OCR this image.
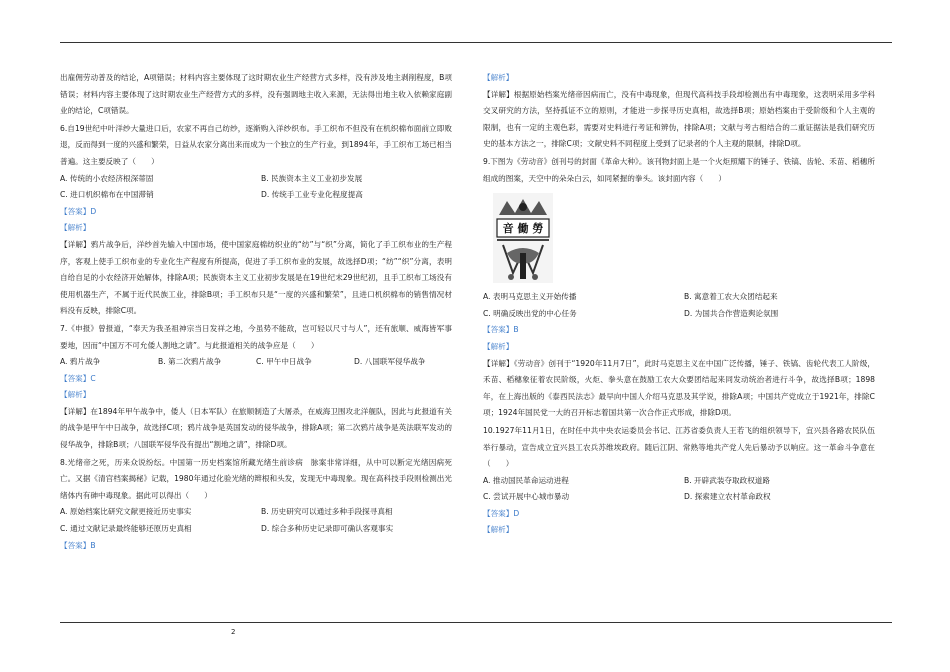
出雇佣劳动普及的结论，A项错误；材料内容主要体现了这时期农业生产经营方式多样，没有涉及地主剥削程度，B项错误；材料内容主要体现了这时期农业生产经营方式的多样，没有强调地主收入来源，无法得出地主收入依赖家庭副业的结论，C项错误。

6.自19世纪中叶洋纱大量进口后，农家不再自己纺纱，逐渐购入洋纱织布。手工织布不但没有在机织棉布面前立即败退，反而得到一度的兴盛和繁荣，日益从农家分离出来而成为一个独立的生产行业，到1894年，手工织布工场已相当普遍。这主要反映了（　　）

A. 传统的小农经济根深蒂固	B. 民族资本主义工业初步发展
C. 进口机织棉布在中国滞销	D. 传统手工业专业化程度提高

【答案】D

【解析】

【详解】鸦片战争后，洋纱首先输入中国市场，使中国家庭棉纺织业的“纺”与“织”分离，简化了手工织布业的生产程序，客观上使手工织布业的专业化生产程度有所提高，促进了手工织布业的发展，故选择D项；“纺”“织”分离，表明自给自足的小农经济开始解体，排除A项；民族资本主义工业初步发展是在19世纪末29世纪初，且手工织布工场没有使用机器生产，不属于近代民族工业，排除B项；手工织布只是“一度的兴盛和繁荣”，且进口机织棉布的销售情况材料没有反映，排除C项。

7.《申报》曾报道，“奉天为我圣祖神宗当日发祥之地，今虽势不能敌，岂可轻以尺寸与人”，还有旅顺、威海皆军事要地，因而“中国万不可允倭人割地之请”。与此报道相关的战争应是（　　）

A. 鸦片战争	B. 第二次鸦片战争	C. 甲午中日战争	D. 八国联军侵华战争

【答案】C

【解析】

【详解】在1894年甲午战争中，倭人（日本军队）在旅顺制造了大屠杀，在威海卫围攻北洋舰队，因此与此报道有关的战争是甲午中日战争，故选择C项；鸦片战争是英国发动的侵华战争，排除A项；第二次鸦片战争是英法联军发动的侵华战争，排除B项；八国联军侵华没有提出“割地之请”，排除D项。

8.光绪帝之死，历来众说纷纭。中国第一历史档案馆所藏光绪生前诊病　脉案非常详细，从中可以断定光绪因病死亡。又据《清宫档案揭秘》记载，1980年通过化验光绪的辫根和头发，发现无中毒现象。现在高科技手段则检测出光绪体内有砷中毒现象。据此可以得出（　　）

A. 原始档案比研究文献更接近历史事实	B. 历史研究可以通过多种手段探寻真相
C. 通过文献记录最终能够还原历史真相	D. 综合多种历史记录即可确认客观事实

【答案】B

【解析】

【详解】根据原始档案光绪帝因病而亡，没有中毒现象，但现代高科技手段却检测出有中毒现象，这表明采用多学科交叉研究的方法，坚持孤证不立的原则，才能进一步探寻历史真相，故选择B项；原始档案由于受阶级和个人主观的限制，也有一定的主观色彩，需要对史料进行考证和辨伪，排除A项；文献与考古相结合的二重证据法是我们研究历史的基本方法之一，排除C项；文献史料不同程度上受到了记录者的个人主观的限制，排除D项。

9.下图为《劳动音》创刊号的封面《革命大种》。该刊物封面上是一个火炬照耀下的锤子、铁镐、齿轮、禾苗、稻穗所组成的图案，天空中的朵朵白云，如同紧握的拳头。该封面内容（　　）

音 働 勞
A. 表明马克思主义开始传播	B. 寓意着工农大众团结起来
C. 明确反映出党的中心任务	D. 为国共合作营造舆论氛围

【答案】B

【解析】

【详解】《劳动音》创刊于“1920年11月7日”，此时马克思主义在中国广泛传播，锤子、铁镐、齿轮代表工人阶级，禾苗、稻穗象征着农民阶级，火炬、拳头意在鼓励工农大众要团结起来同发动统治者进行斗争，故选择B项；1898年，在上海出版的《泰西民法志》最早向中国人介绍马克思及其学说，排除A项；中国共产党成立于1921年，排除C项；1924年国民党一大的召开标志着国共第一次合作正式形成，排除D项。

10.1927年11月1日，在时任中共中央农运委员会书记、江苏省委负责人王若飞的组织领导下，宜兴县各路农民队伍举行暴动，宣告成立宜兴县工农兵苏维埃政府。随后江阴、常熟等地共产党人先后暴动予以响应。这一革命斗争意在（　　）

A. 推动国民革命运动进程	B. 开辟武装夺取政权道路
C. 尝试开展中心城市暴动	D. 探索建立农村革命政权

【答案】D

【解析】

2
